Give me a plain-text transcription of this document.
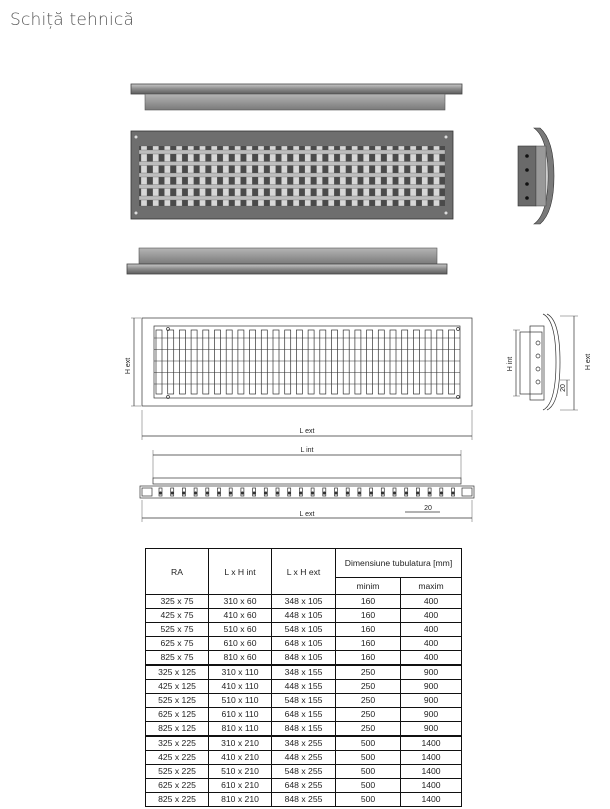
Schiță tehnică
H ext
L ext
H int	H ext
20
L int
L ext
20
RA	L x H int	L x H ext	Dimensiune tubulatura [mm]	
			minim	maxim
325 x 75	310 x 60	348 x 105	160	400
425 x 75	410 x 60	448 x 105	160	400
525 x 75	510 x 60	548 x 105	160	400
625 x 75	610 x 60	648 x 105	160	400
825 x 75	810 x 60	848 x 105	160	400
325 x 125	310 x 110	348 x 155	250	900
425 x 125	410 x 110	448 x 155	250	900
525 x 125	510 x 110	548 x 155	250	900
625 x 125	610 x 110	648 x 155	250	900
825 x 125	810 x 110	848 x 155	250	900
325 x 225	310 x 210	348 x 255	500	1400
425 x 225	410 x 210	448 x 255	500	1400
525 x 225	510 x 210	548 x 255	500	1400
625 x 225	610 x 210	648 x 255	500	1400
825 x 225	810 x 210	848 x 255	500	1400
